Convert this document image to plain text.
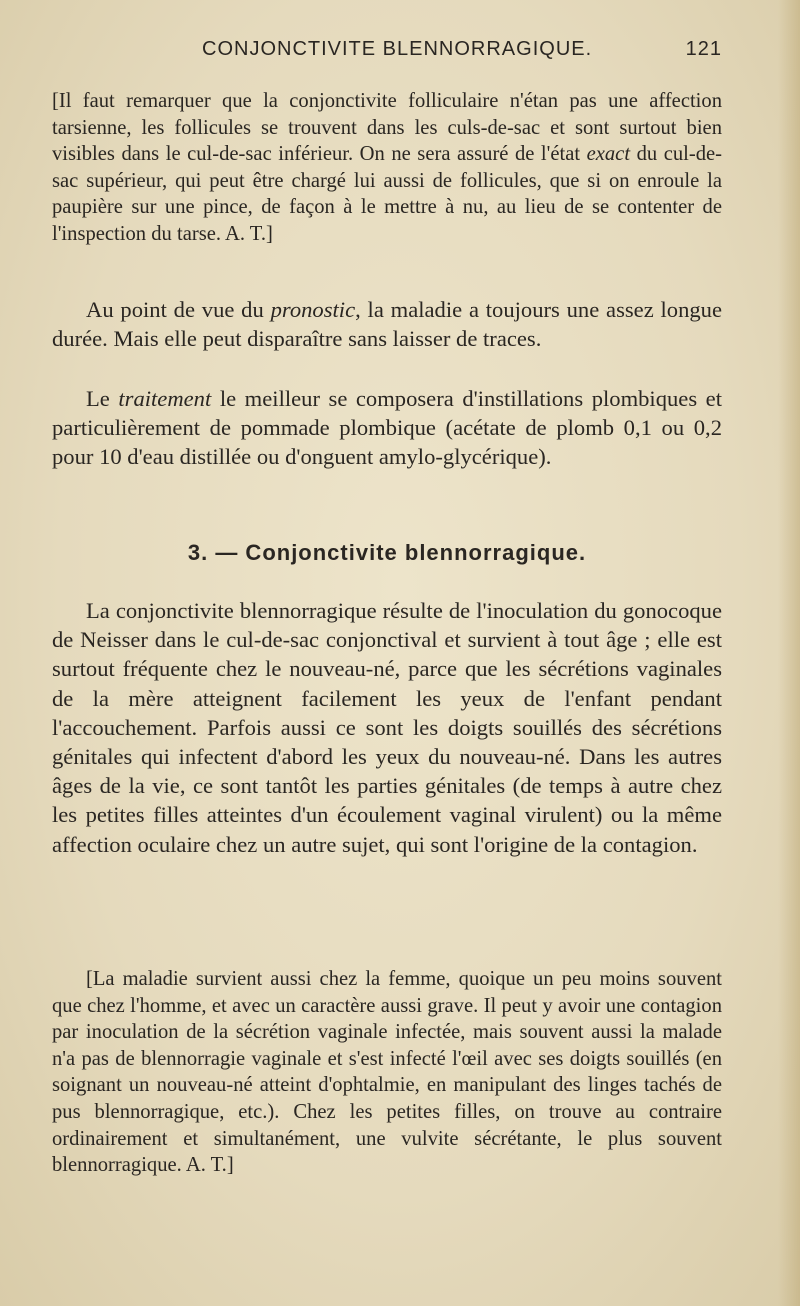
CONJONCTIVITE BLENNORRAGIQUE.	121

[Il faut remarquer que la conjonctivite folliculaire n'étan pas une affection tarsienne, les follicules se trouvent dans les culs-de-sac et sont surtout bien visibles dans le cul-de-sac inférieur. On ne sera assuré de l'état exact du cul-de-sac supérieur, qui peut être chargé lui aussi de follicules, que si on enroule la paupière sur une pince, de façon à le mettre à nu, au lieu de se contenter de l'inspection du tarse. A. T.]

Au point de vue du pronostic, la maladie a toujours une assez longue durée. Mais elle peut disparaître sans laisser de traces.

Le traitement le meilleur se composera d'instillations plombiques et particulièrement de pommade plombique (acétate de plomb 0,1 ou 0,2 pour 10 d'eau distillée ou d'onguent amylo-glycérique).

3. — Conjonctivite blennorragique.

La conjonctivite blennorragique résulte de l'inoculation du gonocoque de Neisser dans le cul-de-sac conjonctival et survient à tout âge ; elle est surtout fréquente chez le nouveau-né, parce que les sécrétions vaginales de la mère atteignent facilement les yeux de l'enfant pendant l'accouchement. Parfois aussi ce sont les doigts souillés des sécrétions génitales qui infectent d'abord les yeux du nouveau-né. Dans les autres âges de la vie, ce sont tantôt les parties génitales (de temps à autre chez les petites filles atteintes d'un écoulement vaginal virulent) ou la même affection oculaire chez un autre sujet, qui sont l'origine de la contagion.

[La maladie survient aussi chez la femme, quoique un peu moins souvent que chez l'homme, et avec un caractère aussi grave. Il peut y avoir une contagion par inoculation de la sécrétion vaginale infectée, mais souvent aussi la malade n'a pas de blennorragie vaginale et s'est infecté l'œil avec ses doigts souillés (en soignant un nouveau-né atteint d'ophtalmie, en manipulant des linges tachés de pus blennorragique, etc.). Chez les petites filles, on trouve au contraire ordinairement et simultanément, une vulvite sécrétante, le plus souvent blennorragique. A. T.]
